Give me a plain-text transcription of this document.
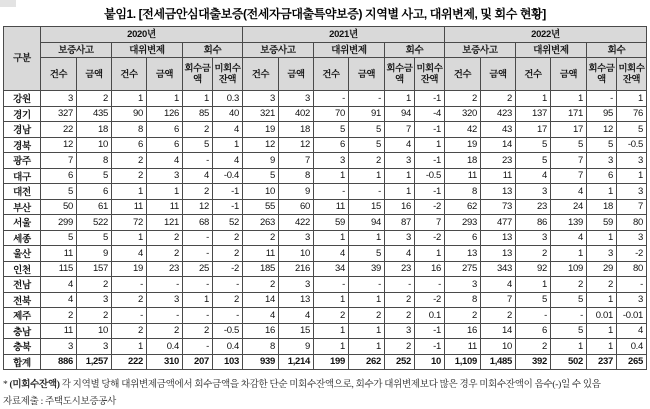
붙임1. [전세금안심대출보증(전세자금대출특약보증) 지역별 사고, 대위변제, 및 회수 현황]
구분	2020년						2021년						2022년					
	보증사고		대위변제		회수		보증사고		대위변제		회수		보증사고		대위변제		회수	
	건수	금액	건수	금액	회수금액	미회수잔액	건수	금액	건수	금액	회수금액	미회수잔액	건수	금액	건수	금액	회수금액	미회수잔액
강원	3	2	1	1	1	0.3	3	3	-	-	1	-1	2	2	1	1	-	1
경기	327	435	90	126	85	40	321	402	70	91	94	-4	320	423	137	171	95	76
경남	22	18	8	6	2	4	19	18	5	5	7	-1	42	43	17	17	12	5
경북	12	10	6	6	5	1	12	12	6	5	4	1	19	14	5	5	5	-0.5
광주	7	8	2	4	-	4	9	7	3	2	3	-1	18	23	5	7	3	3
대구	6	5	2	3	4	-0.4	5	8	1	1	1	-0.5	11	11	4	7	6	1
대전	5	6	1	1	2	-1	10	9	-	-	1	-1	8	13	3	4	1	3
부산	50	61	11	11	12	-1	55	60	11	15	16	-2	62	73	23	24	18	7
서울	299	522	72	121	68	52	263	422	59	94	87	7	293	477	86	139	59	80
세종	5	5	1	2	-	2	2	3	1	1	3	-2	6	13	3	4	1	3
울산	11	9	4	2	-	2	11	10	4	5	4	1	13	13	2	1	3	-2
인천	115	157	19	23	25	-2	185	216	34	39	23	16	275	343	92	109	29	80
전남	4	2	-	-	-	-	2	3	-	-	-	-	3	4	1	2	2	-
전북	4	3	2	3	1	2	14	13	1	1	2	-2	8	7	5	5	1	3
제주	2	2	-	-	-	-	4	4	2	2	2	0.1	2	2	-	-	0.01	-0.01
충남	11	10	2	2	2	-0.5	16	15	1	1	3	-1	16	14	6	5	1	4
충북	3	3	1	0.4	-	0.4	8	9	1	1	2	-1	11	10	2	1	1	0.4
합계	886	1,257	222	310	207	103	939	1,214	199	262	252	10	1,109	1,485	392	502	237	265
* (미회수잔액) 각 지역별 당해 대위변제금액에서 회수금액을 차감한 단순 미회수잔액으로, 회수가 대위변제보다 많은 경우 미회수잔액이 음수(-)일 수 있음
자료제출 : 주택도시보증공사
